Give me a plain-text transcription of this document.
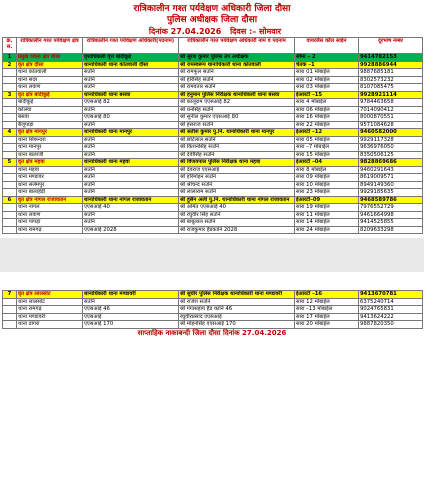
रात्रिकालीन गश्त पर्यवेक्षण अधिकारी जिला दौसा
पुलिस अधीक्षक जिला दौसा
दिनांक 27.04.2026 दिवस :– सोमवार
क्र. स.	रात्रिकालीन गश्त पर्यवेक्षण क्षेत्र	रात्रिकालीन गश्त पर्यवेक्षण अधिकारी(पदनाम)	रात्रिकालीन गश्त पर्यवेक्षण अधिकारी नाम व पदनाम	वायरलैस कॉल साईन	दूरभाष नम्बर
1	प्रमुख जिला क्षेत्र दौसा	वृत्ताधिकारी वृत्त बांदीकुई	श्री सुरेश कुमार पुलिस उप अधीक्षक	सीमा – 2	9414782153
2	वृत क्षेत्र दौसा	थानाधिकारी थाना कोतवाली दौसा	श्री रामस्वरूप थानाधिकारी थाना कोतवाली	चेतक –1	9928886944
	थाना कोतवाली	सउनि	श्री रामफूल सउनि	सारा 01 मोबाईल	9887685181
	थाना सदर	सउनि	श्री हरिसिंह सउनि	सारा 02 मोबाईल	8302573232
	थाना लवाण	सउनि	श्री रामवतार सउनि	सारा 03 मोबाईल	8107085475
3	वृत क्षेत्र बांदीकुई	थानाधिकारी थाना बसवा	श्री हनुमान पुलिस निरीक्षक थानाधिकारी थाना बसवा	ईआरटी –15	9928921114
	बांदीकुई	एएसआई 82	श्री कालूराम एएसआई 82	सारा 4 मोबाईल	9784463658
	कोलवा	सउनि	श्री धनसिंह सउनि	सारा 06 मोबाईल	7014090412
	बसवा	एएसआई 80	श्री सुनील कुमार एएसआई 80	सारा 16 मोबाईल	8000870551
	बैजूपाड़ा	सउनि	श्री हंसराज सउनि	सारा 22 मोबाईल	9571084628
4	वृत क्षेत्र मानपुर	थानाधिकारी थाना मानपुर	श्री सतीश कुमार पु.नि. थानाधिकारी थाना मानपुर	ईआरटी –12	9460582000
	थाना सिकन्दरा	सउनि	श्री छोटेलाल सउनि	सारा 05 मोबाईल	9929117328
	थाना मानपुर	सउनि	श्री किशनसिंह सउनि	सारा –7 मोबाईल	9636976050
	थाना बालाजी	सउनि	श्री देवीसिंह सउनि	सारा 15 मोबाईल	8350506125
5	वृत क्षेत्र महवा	थानाधिकारी थाना महवा	श्री विजयपाल पुलिस निरीक्षक थाना महवा	ईआरटी –04	9828869686
	थाना महवा	सउनि	श्री देवराज एएसआई	सारा 8 मोबाईल	9460291643
	थाना मण्डावर	सउनि	श्री हरिमोहन सउनि	सारा 09 मोबाईल	8619009571
	थाना सलेमपुर	सउनि	श्री श्रीचन्द सउनि	सारा 10 मोबाईल	8949149360
	थाना बालाहेड़ी	सउनि	श्री लालाराम सउनि	सारा 23 मोबाईल	9929185635
6	वृत क्षेत्र नांगल राजावतान	थानाधिकारी थाना नांगल राजावतान	श्री हुसैन अली पु.नि. थानाधिकारी थाना नांगल राजावतान	ईआरटी–09	9468589786
	थाना नांगल	एएसआई 40	श्री अमित एएसआई 40	सारा 19 मोबाईल	7976552729
	थाना लवाण	सउनि	श्री रघुवीर सिंह सउनि	सारा 11 मोबाईल	9461664998
	थाना पापड़ा	सउनि	श्री बाबूलाल सउनि	सारा 14 मोबाईल	9414525855
	थाना रामगढ़	एएसआई 2028	श्री राजकुमार हैडकानि 2028	सारा 24 मोबाईल	8209633298
7	वृत क्षेत्र लालसोट	थानाधिकारी थाना मण्डावरी	श्री सुधीर पुलिस निरीक्षक थानाधिकारी थाना मण्डावरी	ईआरटी –16	9413670781
	थाना लालसोट	सउनि	श्री राजेश सउनि	सारा 12 मोबाईल	6375240714
	थाना रामगढ़	एएसआई 46	श्री गंगासहाय हैड कानि 46	सारा –13 मोबाईल	9024765831
	थाना मण्डावरी	एएसआई	रघुवीरप्रसाद एएसआई	सारा 17 मोबाईल	9413624222
	थाना डांगरा	एएसआई 170	श्री मोहनसिंह एएसआई 170	सारा 20 मोबाईल	9887820350
साप्ताहिक नाकाबन्दी जिला दौसा दिनांक 27.04.2026
